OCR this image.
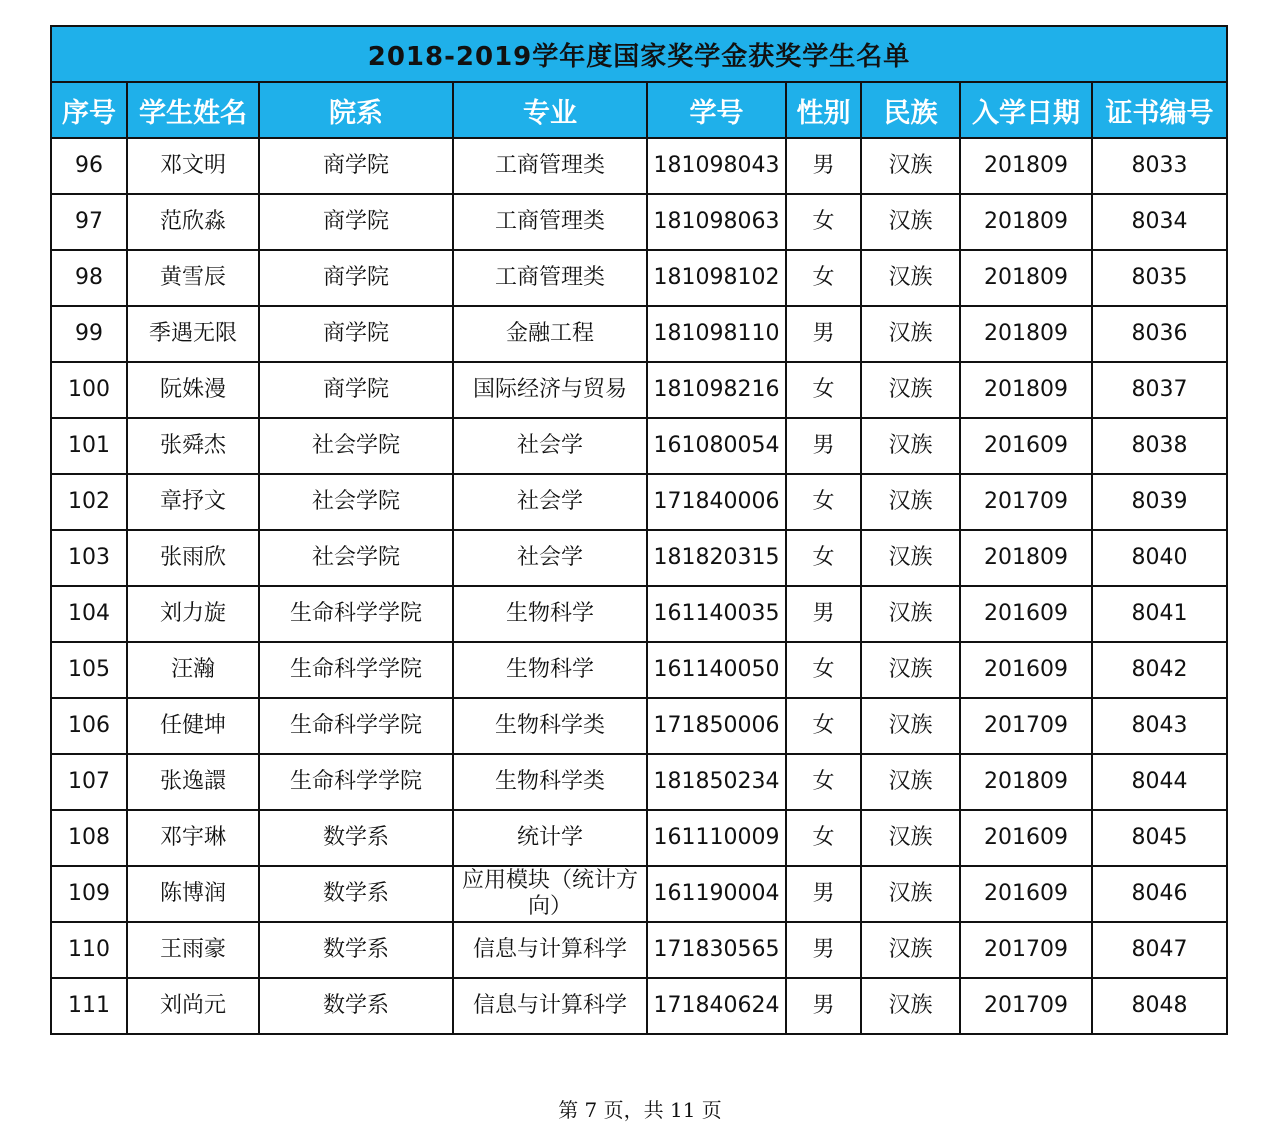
2018-2019学年度国家奖学金获奖学生名单								
序号	学生姓名	院系	专业	学号	性别	民族	入学日期	证书编号
96	邓文明	商学院	工商管理类	181098043	男	汉族	201809	8033
97	范欣淼	商学院	工商管理类	181098063	女	汉族	201809	8034
98	黄雪辰	商学院	工商管理类	181098102	女	汉族	201809	8035
99	季遇无限	商学院	金融工程	181098110	男	汉族	201809	8036
100	阮姝漫	商学院	国际经济与贸易	181098216	女	汉族	201809	8037
101	张舜杰	社会学院	社会学	161080054	男	汉族	201609	8038
102	章抒文	社会学院	社会学	171840006	女	汉族	201709	8039
103	张雨欣	社会学院	社会学	181820315	女	汉族	201809	8040
104	刘力旋	生命科学学院	生物科学	161140035	男	汉族	201609	8041
105	汪瀚	生命科学学院	生物科学	161140050	女	汉族	201609	8042
106	任健坤	生命科学学院	生物科学类	171850006	女	汉族	201709	8043
107	张逸譞	生命科学学院	生物科学类	181850234	女	汉族	201809	8044
108	邓宇琳	数学系	统计学	161110009	女	汉族	201609	8045
109	陈博润	数学系	应用模块（统计方向）	161190004	男	汉族	201609	8046
110	王雨豪	数学系	信息与计算科学	171830565	男	汉族	201709	8047
111	刘尚元	数学系	信息与计算科学	171840624	男	汉族	201709	8048
第 7 页，共 11 页
